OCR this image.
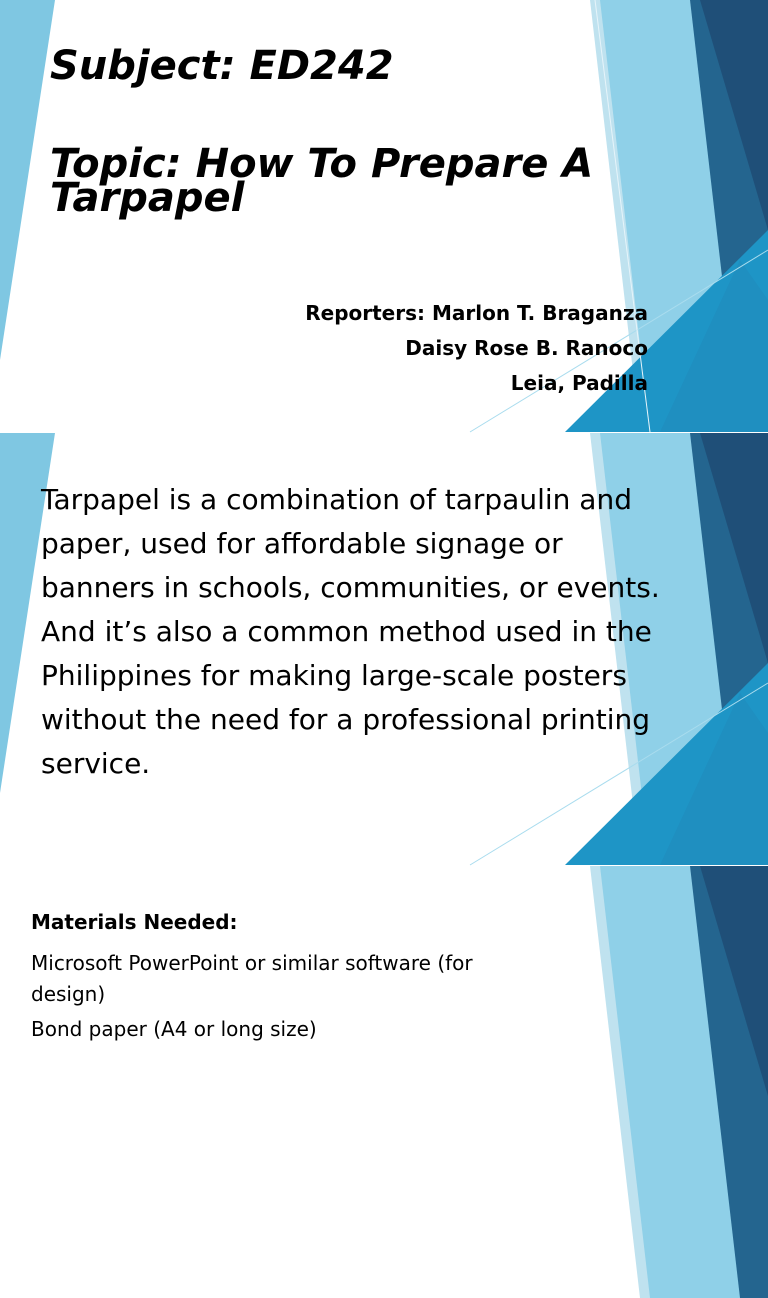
Subject: ED242
Topic: How To Prepare A
Tarpapel
Reporters: Marlon T. Braganza
Daisy Rose B. Ranoco
Leia, Padilla

Tarpapel is a combination of tarpaulin and paper, used for affordable signage or banners in schools, communities, or events. And it’s also a common method used in the Philippines for making large-scale posters without the need for a professional printing service.

Materials Needed:

Microsoft PowerPoint or similar software (for design)

Bond paper (A4 or long size)
